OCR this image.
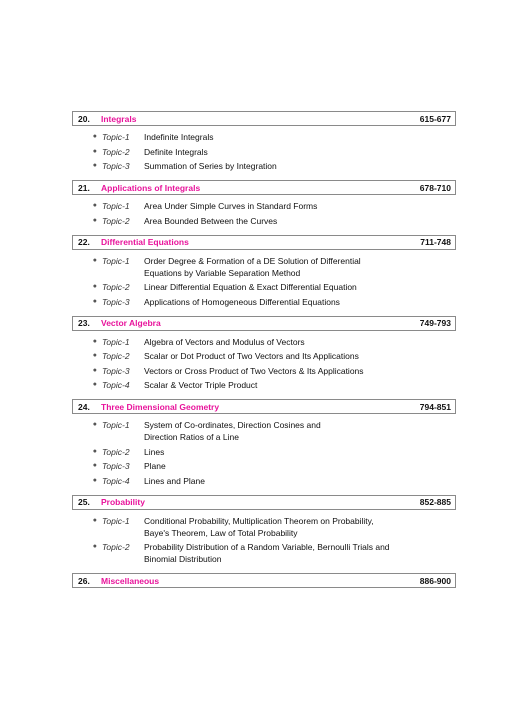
20.	Integrals	615-677
● Topic-1	Indefinite Integrals
● Topic-2	Definite Integrals
● Topic-3	Summation of Series by Integration
21.	Applications of Integrals	678-710
● Topic-1	Area Under Simple Curves in Standard Forms
● Topic-2	Area Bounded Between the Curves
22.	Differential Equations	711-748
● Topic-1	Order Degree & Formation of a DE Solution of Differential Equations by Variable Separation Method
● Topic-2	Linear Differential Equation & Exact Differential Equation
● Topic-3	Applications of Homogeneous Differential Equations
23.	Vector Algebra	749-793
● Topic-1	Algebra of Vectors and Modulus of Vectors
● Topic-2	Scalar or Dot Product of Two Vectors and Its Applications
● Topic-3	Vectors or Cross Product of Two Vectors & Its Applications
● Topic-4	Scalar & Vector Triple Product
24.	Three Dimensional Geometry	794-851
● Topic-1	System of Co-ordinates, Direction Cosines and Direction Ratios of a Line
● Topic-2	Lines
● Topic-3	Plane
● Topic-4	Lines and Plane
25.	Probability	852-885
● Topic-1	Conditional Probability, Multiplication Theorem on Probability, Baye's Theorem, Law of Total Probability
● Topic-2	Probability Distribution of a Random Variable, Bernoulli Trials and Binomial Distribution
26.	Miscellaneous	886-900
